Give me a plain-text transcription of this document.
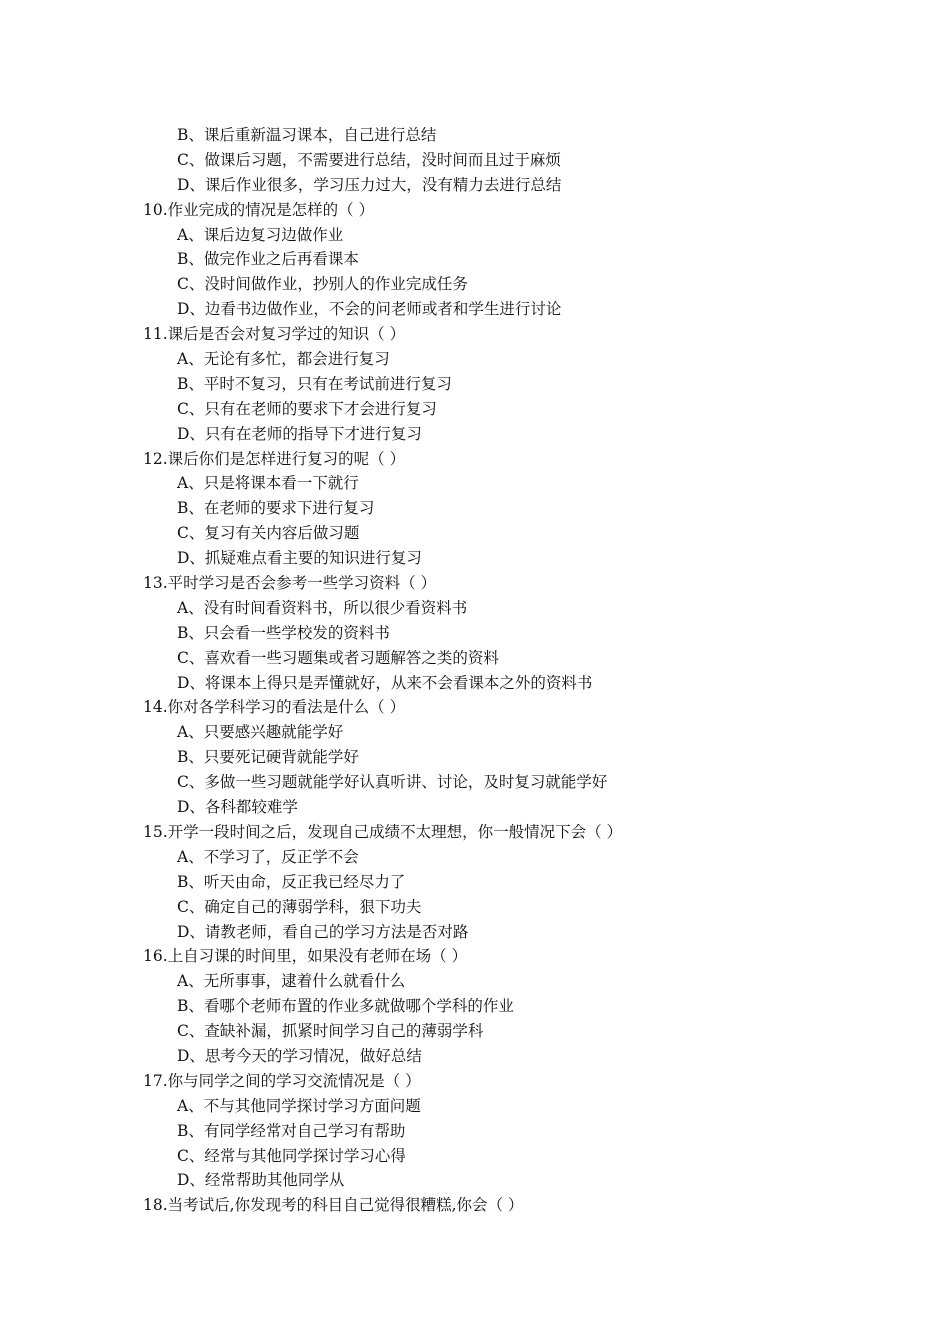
B、课后重新温习课本，自己进行总结
C、做课后习题，不需要进行总结，没时间而且过于麻烦
D、课后作业很多，学习压力过大，没有精力去进行总结
10.作业完成的情况是怎样的（ ）
A、课后边复习边做作业
B、做完作业之后再看课本
C、没时间做作业，抄别人的作业完成任务
D、边看书边做作业，不会的问老师或者和学生进行讨论
11.课后是否会对复习学过的知识（ ）
A、无论有多忙，都会进行复习
B、平时不复习，只有在考试前进行复习
C、只有在老师的要求下才会进行复习
D、只有在老师的指导下才进行复习
12.课后你们是怎样进行复习的呢（ ）
A、只是将课本看一下就行
B、在老师的要求下进行复习
C、复习有关内容后做习题
D、抓疑难点看主要的知识进行复习
13.平时学习是否会参考一些学习资料（ ）
A、没有时间看资料书，所以很少看资料书
B、只会看一些学校发的资料书
C、喜欢看一些习题集或者习题解答之类的资料
D、将课本上得只是弄懂就好，从来不会看课本之外的资料书
14.你对各学科学习的看法是什么（ ）
A、只要感兴趣就能学好
B、只要死记硬背就能学好
C、多做一些习题就能学好认真听讲、讨论，及时复习就能学好
D、各科都较难学
15.开学一段时间之后，发现自己成绩不太理想，你一般情况下会（ ）
A、不学习了，反正学不会
B、听天由命，反正我已经尽力了
C、确定自己的薄弱学科，狠下功夫
D、请教老师，看自己的学习方法是否对路
16.上自习课的时间里，如果没有老师在场（ ）
A、无所事事，逮着什么就看什么
B、看哪个老师布置的作业多就做哪个学科的作业
C、查缺补漏，抓紧时间学习自己的薄弱学科
D、思考今天的学习情况，做好总结
17.你与同学之间的学习交流情况是（ ）
A、不与其他同学探讨学习方面问题
B、有同学经常对自己学习有帮助
C、经常与其他同学探讨学习心得
D、经常帮助其他同学从
18.当考试后,你发现考的科目自己觉得很糟糕,你会（ ）
